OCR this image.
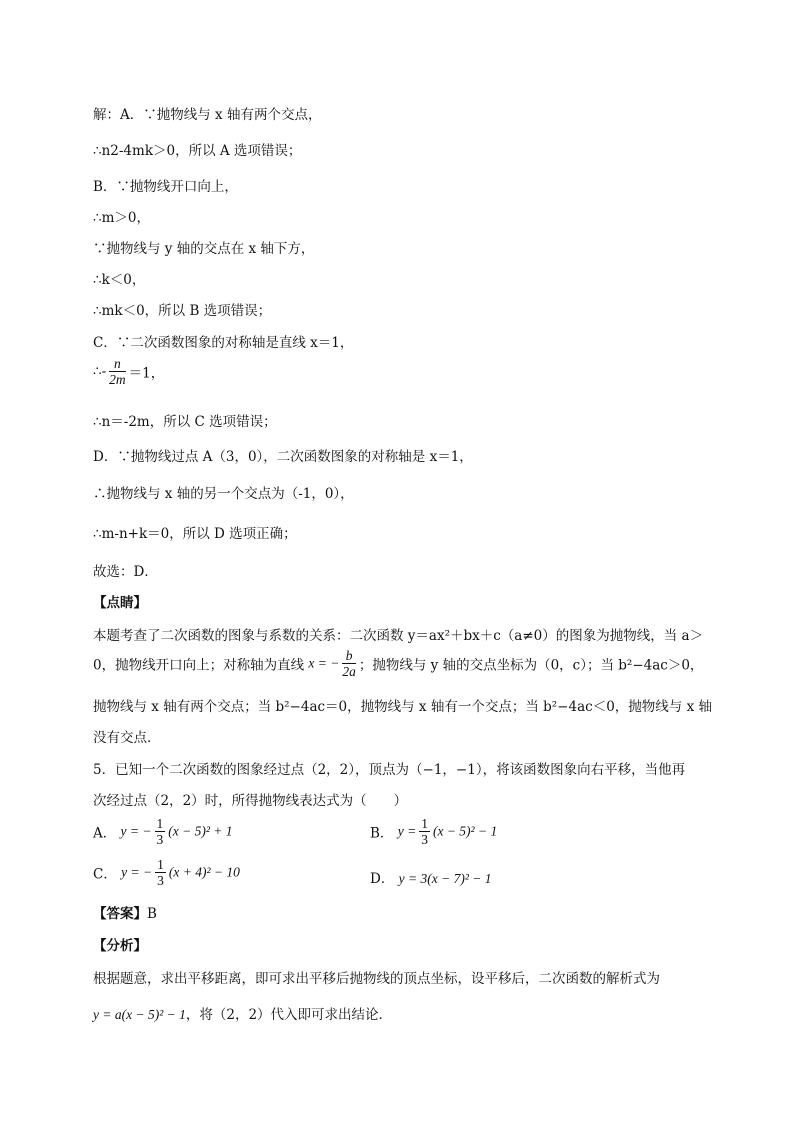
解：A．∵抛物线与 x 轴有两个交点，
∴n2-4mk＞0，所以 A 选项错误；
B．∵抛物线开口向上，
∴m＞0，
∵抛物线与 y 轴的交点在 x 轴下方，
∴k＜0，
∴mk＜0，所以 B 选项错误；
C．∵二次函数图象的对称轴是直线 x＝1，
∴- $\frac{n}{2m} =1$，
∴n＝-2m，所以 C 选项错误；
D．∵抛物线过点 A（3，0），二次函数图象的对称轴是 x＝1，
∴抛物线与 x 轴的另一个交点为（-1，0），
∴m-n+k＝0，所以 D 选项正确；
故选：D．
【点睛】
本题考查了二次函数的图象与系数的关系：二次函数 y＝ax²＋bx＋c（a≠0）的图象为抛物线，当 a＞
0，抛物线开口向上；对称轴为直线 x = − $\frac{b}{2a}$ ；抛物线与 y 轴的交点坐标为（0，c）；当 b²−4ac＞0，
抛物线与 x 轴有两个交点；当 b²−4ac＝0，抛物线与 x 轴有一个交点；当 b²−4ac＜0，抛物线与 x 轴
没有交点．
5．已知一个二次函数的图象经过点（2，2），顶点为（−1，−1），将该函数图象向右平移，当他再
次经过点（2，2）时，所得抛物线表达式为（　　）
A． y = − $\frac{1}{3} (x - 5)^2 + 1$	B． $y = \frac{1}{3} (x - 5)^2 - 1$
C． y = − $\frac{1}{3} (x + 4)^2 - 10$	D． y = 3(x − 7)² − 1
【答案】B
【分析】
根据题意，求出平移距离，即可求出平移后抛物线的顶点坐标，设平移后，二次函数的解析式为
y = a(x − 5)² − 1，将（2，2）代入即可求出结论．
